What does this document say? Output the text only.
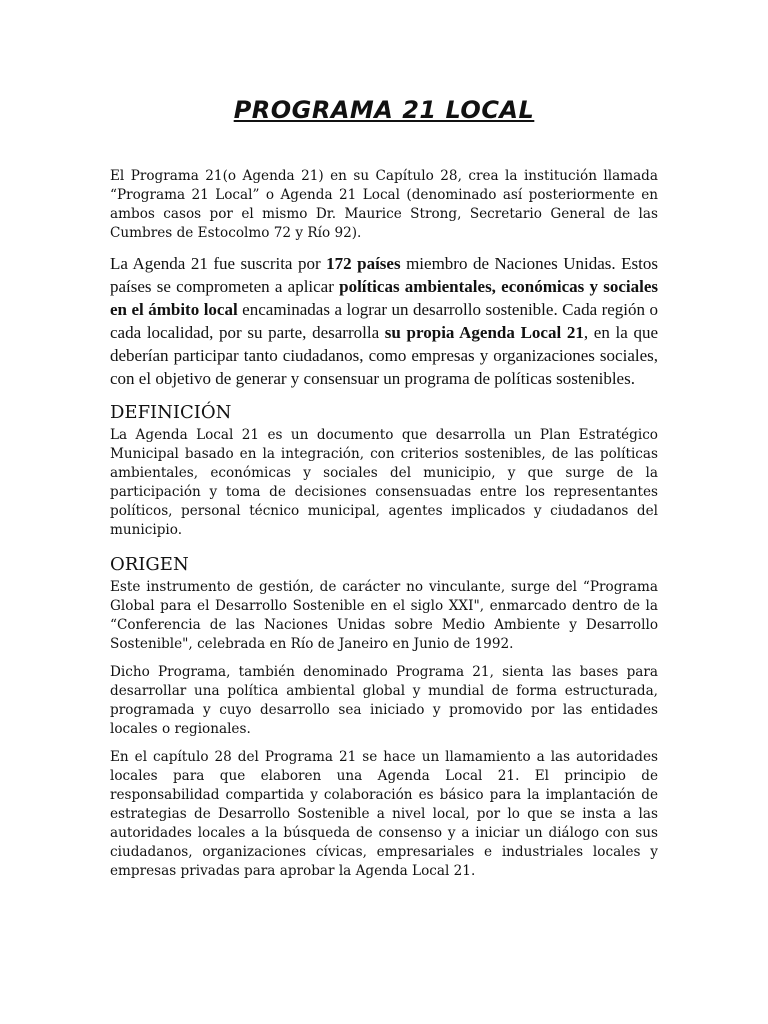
PROGRAMA 21 LOCAL

El Programa 21(o Agenda 21) en su Capítulo 28, crea la institución llamada “Programa 21 Local” o Agenda 21 Local (denominado así posteriormente en ambos casos por el mismo Dr. Maurice Strong, Secretario General de las Cumbres de Estocolmo 72 y Río 92).

La Agenda 21 fue suscrita por 172 países miembro de Naciones Unidas. Estos países se comprometen a aplicar políticas ambientales, económicas y sociales en el ámbito local encaminadas a lograr un desarrollo sostenible. Cada región o cada localidad, por su parte, desarrolla su propia Agenda Local 21, en la que deberían participar tanto ciudadanos, como empresas y organizaciones sociales, con el objetivo de generar y consensuar un programa de políticas sostenibles.

DEFINICIÓN

La Agenda Local 21 es un documento que desarrolla un Plan Estratégico Municipal basado en la integración, con criterios sostenibles, de las políticas ambientales, económicas y sociales del municipio, y que surge de la participación y toma de decisiones consensuadas entre los representantes políticos, personal técnico municipal, agentes implicados y ciudadanos del municipio.

ORIGEN

Este instrumento de gestión, de carácter no vinculante, surge del “Programa Global para el Desarrollo Sostenible en el siglo XXI", enmarcado dentro de la “Conferencia de las Naciones Unidas sobre Medio Ambiente y Desarrollo Sostenible", celebrada en Río de Janeiro en Junio de 1992.

Dicho Programa, también denominado Programa 21, sienta las bases para desarrollar una política ambiental global y mundial de forma estructurada, programada y cuyo desarrollo sea iniciado y promovido por las entidades locales o regionales.

En el capítulo 28 del Programa 21 se hace un llamamiento a las autoridades locales para que elaboren una Agenda Local 21. El principio de responsabilidad compartida y colaboración es básico para la implantación de estrategias de Desarrollo Sostenible a nivel local, por lo que se insta a las autoridades locales a la búsqueda de consenso y a iniciar un diálogo con sus ciudadanos, organizaciones cívicas, empresariales e industriales locales y empresas privadas para aprobar la Agenda Local 21.
